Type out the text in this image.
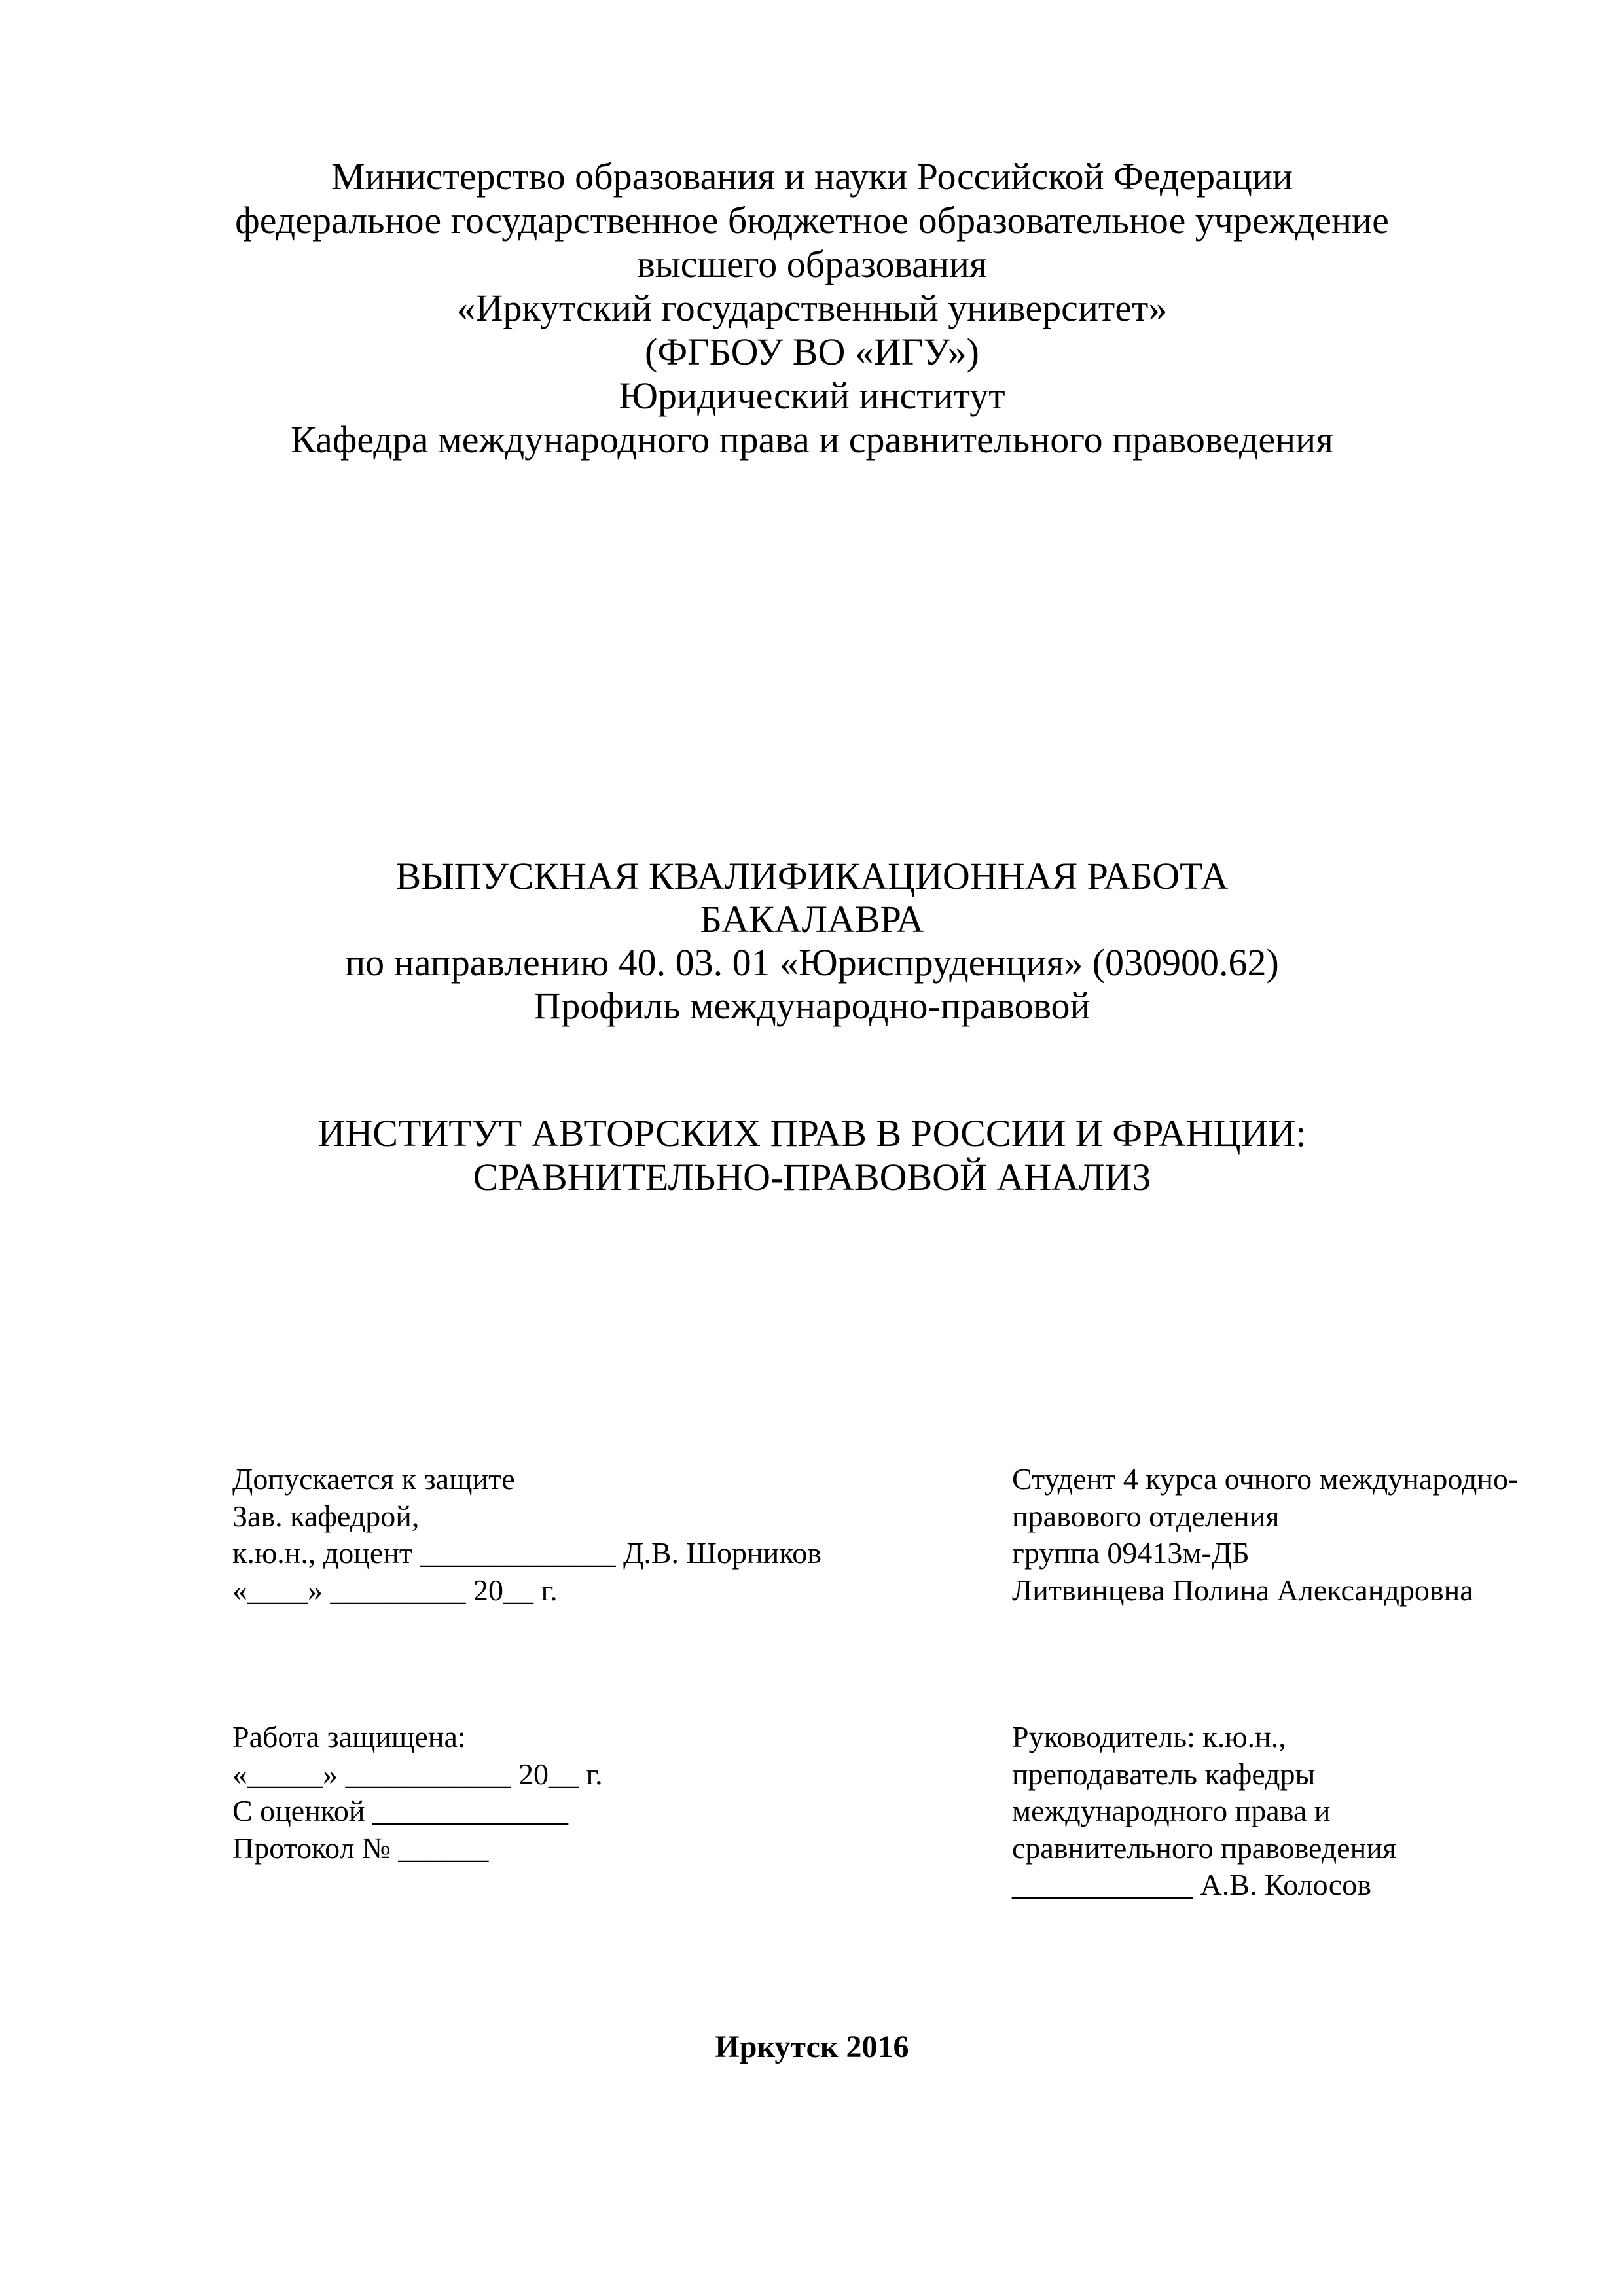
Министерство образования и науки Российской Федерации
федеральное государственное бюджетное образовательное учреждение
высшего образования
«Иркутский государственный университет»
(ФГБОУ ВО «ИГУ»)
Юридический институт
Кафедра международного права и сравнительного правоведения
ВЫПУСКНАЯ КВАЛИФИКАЦИОННАЯ РАБОТА
БАКАЛАВРА
по направлению 40. 03. 01 «Юриспруденция» (030900.62)
Профиль международно-правовой
ИНСТИТУТ АВТОРСКИХ ПРАВ В РОССИИ И ФРАНЦИИ:
СРАВНИТЕЛЬНО-ПРАВОВОЙ АНАЛИЗ
Допускается к защите
Зав. кафедрой,
к.ю.н., доцент _____________ Д.В. Шорников
«____» _________ 20__ г.
Студент 4 курса очного международно-
правового отделения
группа 09413м-ДБ
Литвинцева Полина Александровна
Работа защищена:
«_____» ___________ 20__ г.
С оценкой _____________
Протокол № ______
Руководитель: к.ю.н.,
преподаватель кафедры
международного права и
сравнительного правоведения
____________ А.В. Колосов
Иркутск 2016
